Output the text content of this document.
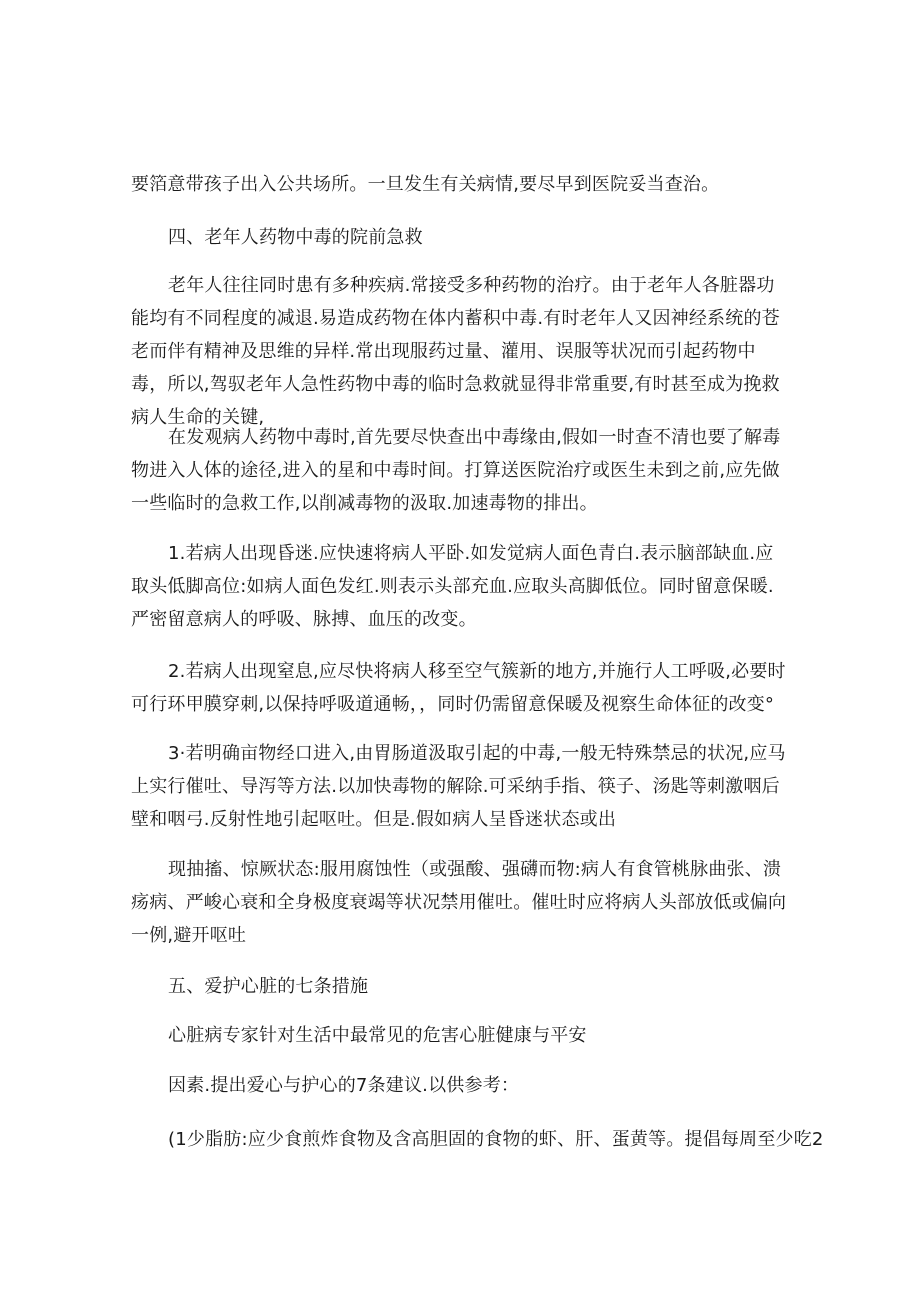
要箔意带孩子出入公共场所。一旦发生有关病情,要尽早到医院妥当查治。

四、老年人药物中毒的院前急救

老年人往往同时患有多种疾病.常接受多种药物的治疗。由于老年人各脏器功能均有不同程度的减退.易造成药物在体内蓄积中毒.有时老年人又因神经系统的苍老而伴有精神及思维的异样.常出现服药过量、灌用、误服等状况而引起药物中毒，所以,驾驭老年人急性药物中毒的临时急救就显得非常重要,有时甚至成为挽救病人生命的关键,

在发观病人药物中毒时,首先要尽快查出中毒缘由,假如一时查不清也要了解毒物进入人体的途径,进入的星和中毒时间。打算送医院治疗或医生未到之前,应先做一些临时的急救工作,以削减毒物的汲取.加速毒物的排出。

1.若病人出现昏迷.应快速将病人平卧.如发觉病人面色青白.表示脑部缺血.应取头低脚高位:如病人面色发红.则表示头部充血.应取头高脚低位。同时留意保暖.严密留意病人的呼吸、脉搏、血压的改变。

2.若病人出现窒息,应尽快将病人移至空气簇新的地方,并施行人工呼吸,必要时可行环甲膜穿刺,以保持呼吸道通畅，，同时仍需留意保暖及视察生命体征的改变°

3·若明确亩物经口进入,由胃肠道汲取引起的中毒,一般无特殊禁忌的状况,应马上实行催吐、导泻等方法.以加快毒物的解除.可采纳手指、筷子、汤匙等刺激咽后壁和咽弓.反射性地引起呕吐。但是.假如病人呈昏迷状态或出

现抽搐、惊厥状态:服用腐蚀性（或强酸、强礴而物:病人有食管桃脉曲张、溃疡病、严峻心衰和全身极度衰竭等状况禁用催吐。催吐时应将病人头部放低或偏向一例,避开呕吐

五、爱护心脏的七条措施

心脏病专家针对生活中最常见的危害心脏健康与平安

因素.提出爱心与护心的7条建议.以供参考：

(1少脂肪:应少食煎炸食物及含高胆固的食物的虾、肝、蛋黄等。提倡每周至少吃2
